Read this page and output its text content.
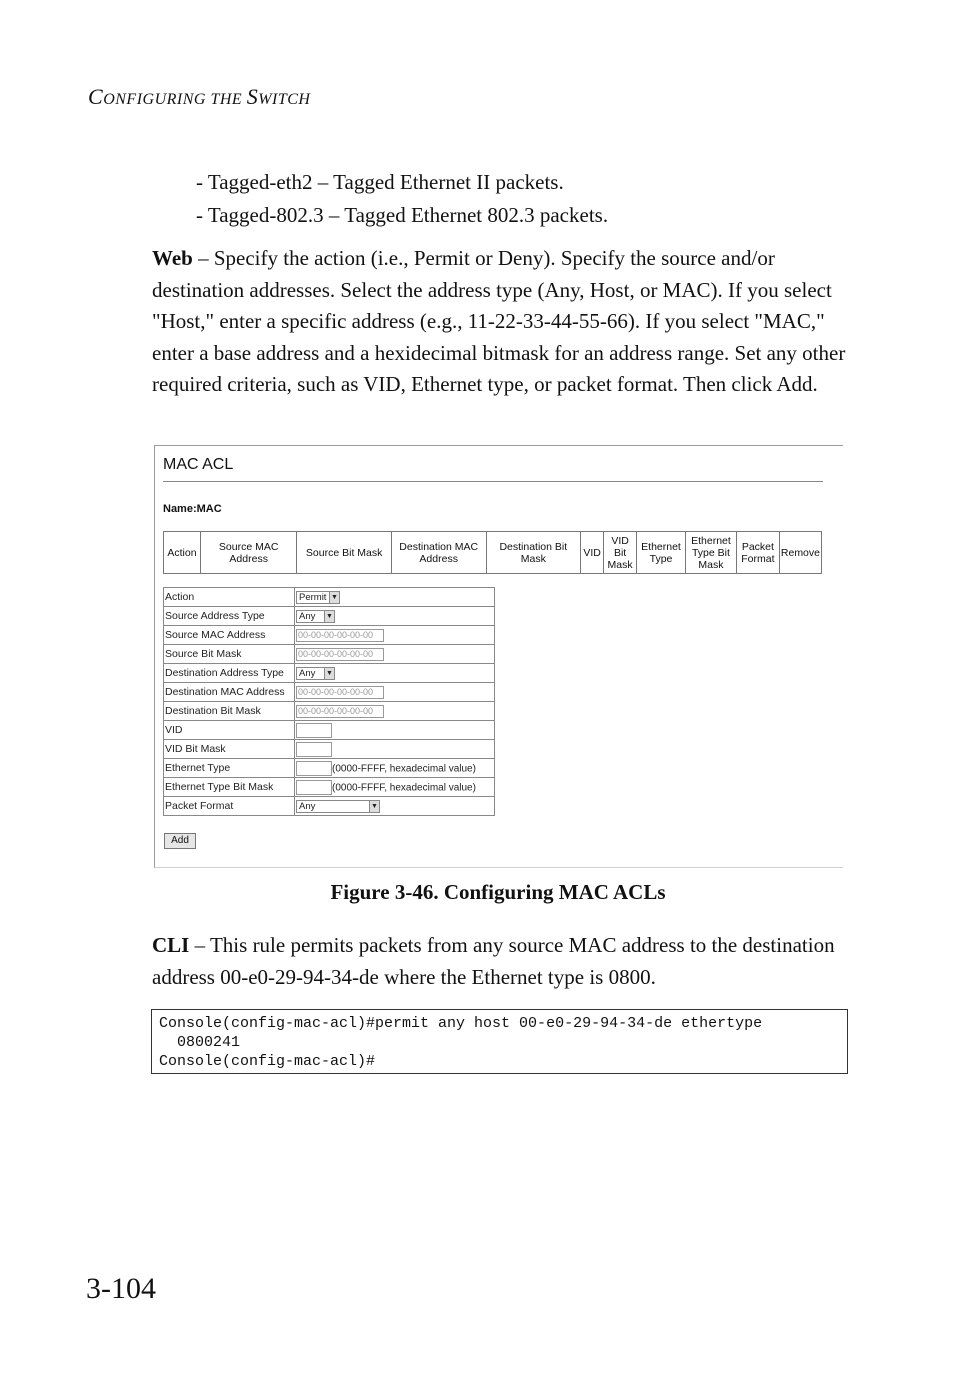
CONFIGURING THE SWITCH
- Tagged-eth2 – Tagged Ethernet II packets.
- Tagged-802.3 – Tagged Ethernet 802.3 packets.
Web – Specify the action (i.e., Permit or Deny). Specify the source and/or destination addresses. Select the address type (Any, Host, or MAC). If you select "Host," enter a specific address (e.g., 11-22-33-44-55-66). If you select "MAC," enter a base address and a hexidecimal bitmask for an address range. Set any other required criteria, such as VID, Ethernet type, or packet format. Then click Add.
MAC ACL
Name:MAC
Action	Source MAC Address	Source Bit Mask	Destination MAC Address	Destination Bit Mask	VID	VID Bit Mask	Ethernet Type	Ethernet Type Bit Mask	Packet Format	Remove
Action	Permit ▼

Source Address Type	Any ▼

Source MAC Address	00-00-00-00-00-00
Source Bit Mask	00-00-00-00-00-00
Destination Address Type	Any ▼

Destination MAC Address	00-00-00-00-00-00
Destination Bit Mask	00-00-00-00-00-00
VID	
VID Bit Mask	
Ethernet Type	(0000-FFFF, hexadecimal value)
Ethernet Type Bit Mask	(0000-FFFF, hexadecimal value)
Packet Format	Any ▼
Add
Figure 3-46. Configuring MAC ACLs
CLI – This rule permits packets from any source MAC address to the destination address 00-e0-29-94-34-de where the Ethernet type is 0800.
Console(config-mac-acl)#permit any host 00-e0-29-94-34-de ethertype
0800241
Console(config-mac-acl)#
3-104
